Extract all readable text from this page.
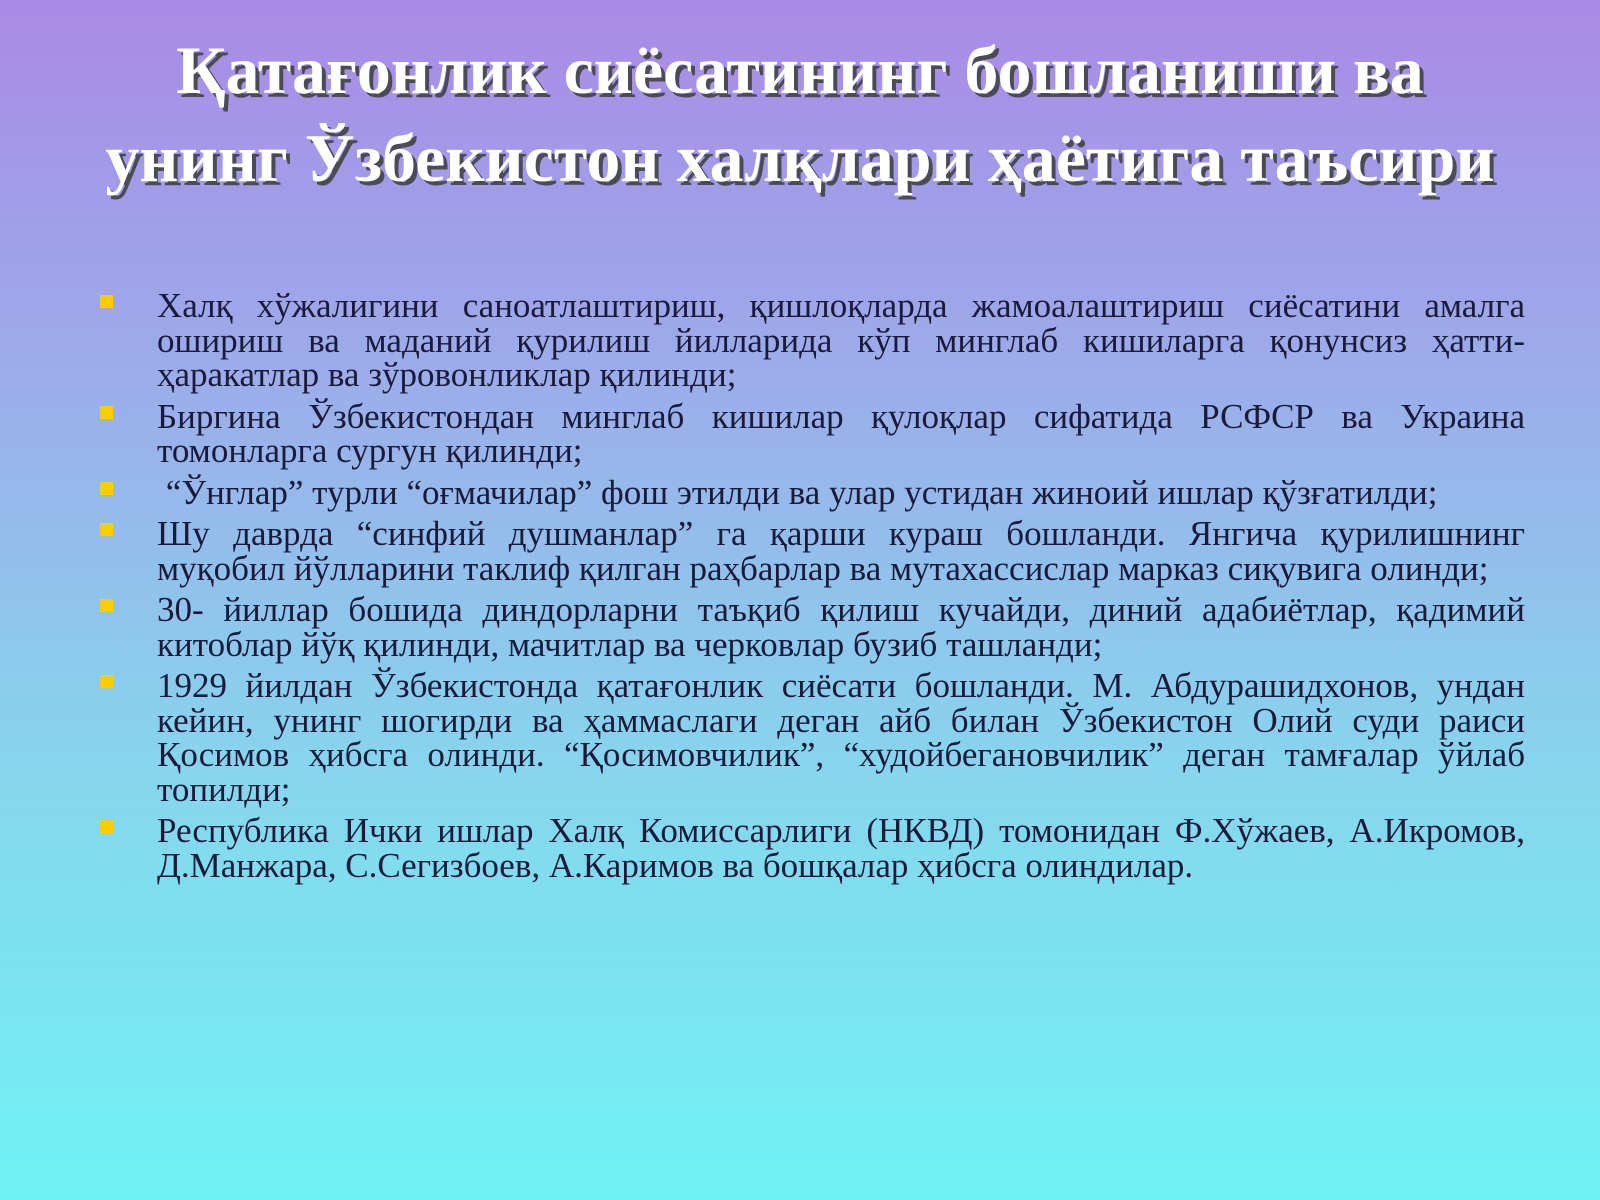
Қатағонлик сиёсатининг бошланиши ва унинг Ўзбекистон халқлари ҳаётига таъсири
Халқ хўжалигини саноатлаштириш, қишлоқларда жамоалаштириш сиёсатини амалга ошириш ва маданий қурилиш йилларида кўп минглаб кишиларга қонунсиз ҳатти-ҳаракатлар ва зўровонликлар қилинди;
Биргина Ўзбекистондан минглаб кишилар қулоқлар сифатида РСФСР ва Украина томонларга сургун қилинди;
“Ўнглар” турли “оғмачилар” фош этилди ва улар устидан жиноий ишлар қўзғатилди;
Шу даврда “синфий душманлар” га қарши кураш бошланди. Янгича қурилишнинг муқобил йўлларини таклиф қилган раҳбарлар ва мутахассислар марказ сиқувига олинди;
30- йиллар бошида диндорларни таъқиб қилиш кучайди, диний адабиётлар, қадимий китоблар йўқ қилинди, мачитлар ва черковлар бузиб ташланди;
1929 йилдан Ўзбекистонда қатағонлик сиёсати бошланди. М. Абдурашидхонов, ундан кейин, унинг шогирди ва ҳаммаслаги деган айб билан Ўзбекистон Олий суди раиси Қосимов ҳибсга олинди. “Қосимовчилик”, “худойбегановчилик” деган тамғалар ўйлаб топилди;
Республика Ички ишлар Халқ Комиссарлиги (НКВД) томонидан Ф.Хўжаев, А.Икромов, Д.Манжара, С.Сегизбоев, А.Каримов ва бошқалар ҳибсга олиндилар.
